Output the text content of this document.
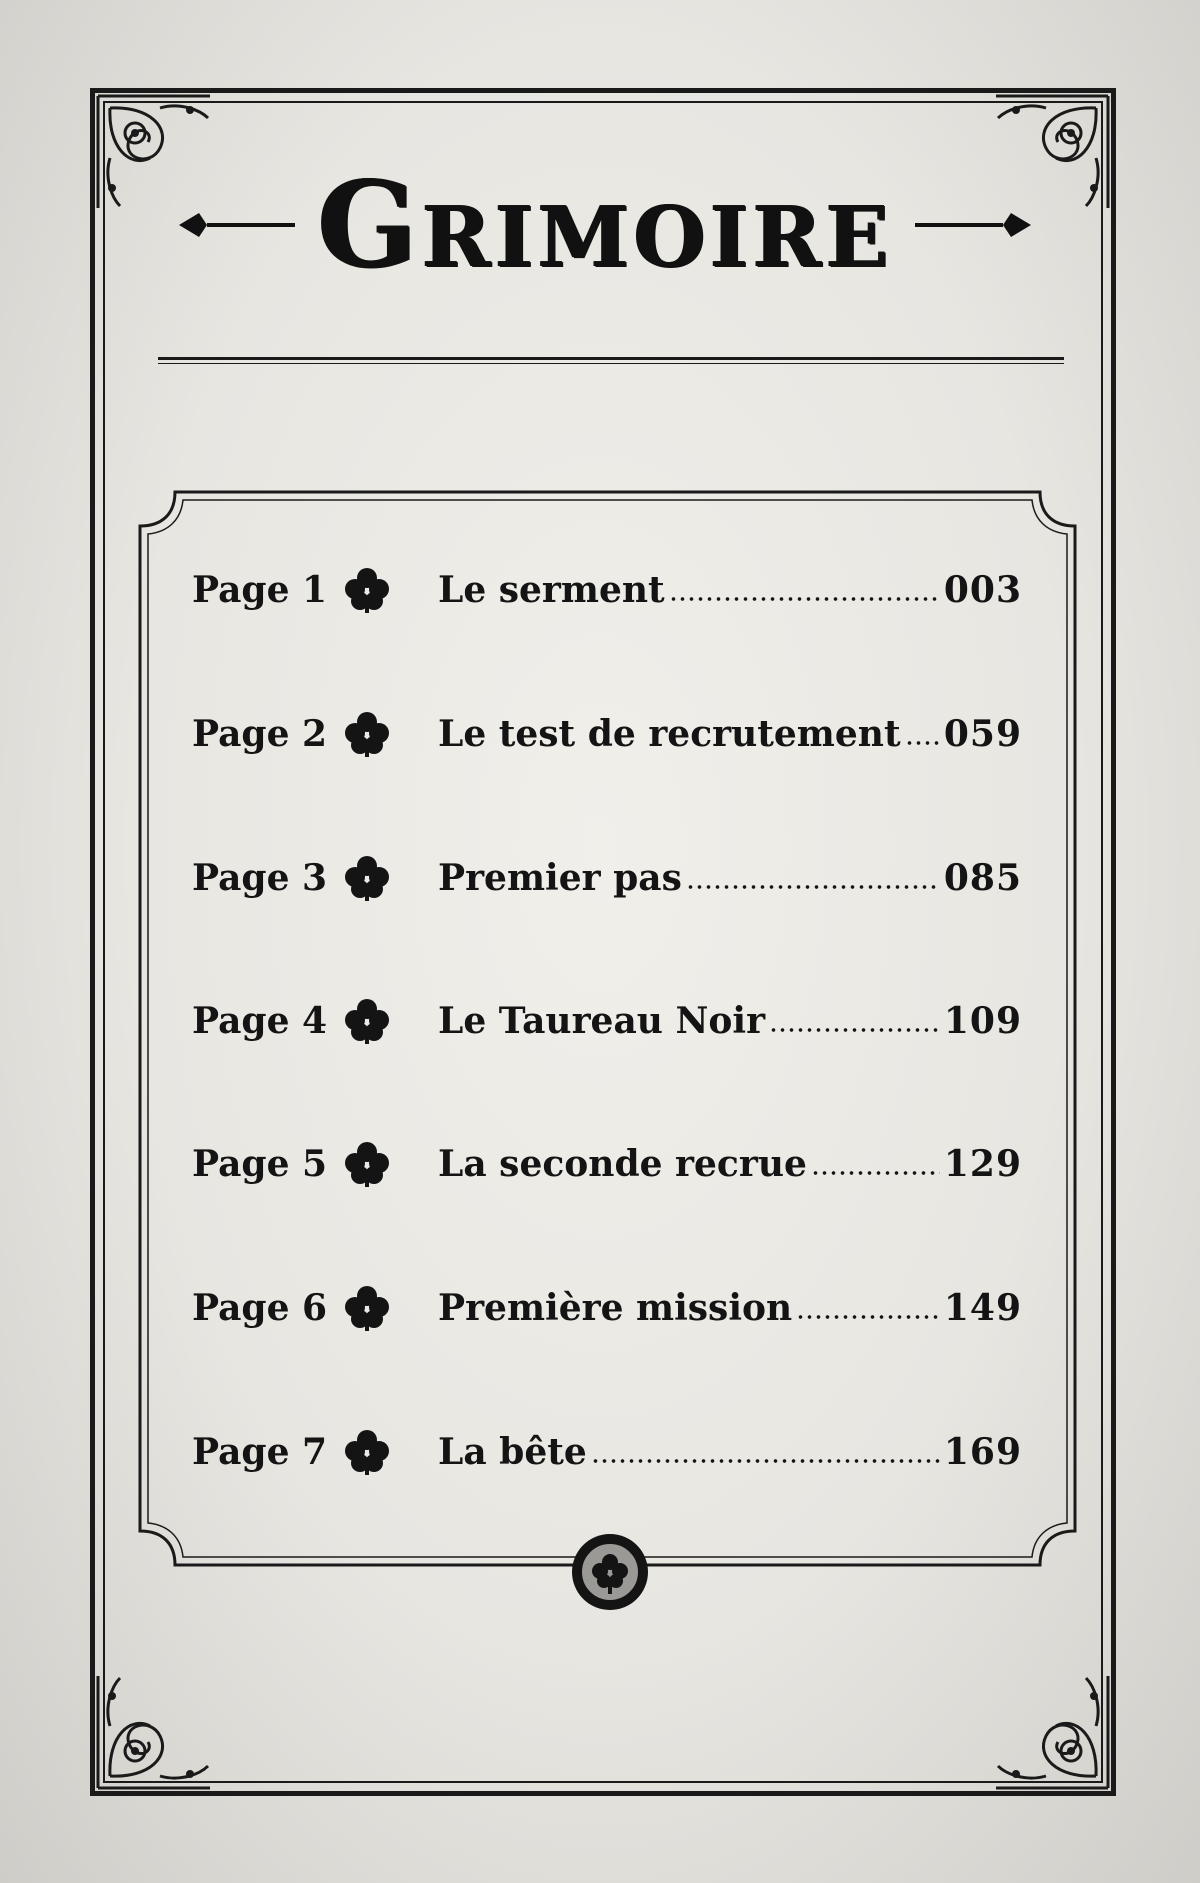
Grimoire
Page 1	Le serment	003
Page 2	Le test de recrutement 059
Page 3	Premier pas	085
Page 4	Le Taureau Noir	109
Page 5	La seconde recrue	129
Page 6	Première mission	149
Page 7	La bête	169
